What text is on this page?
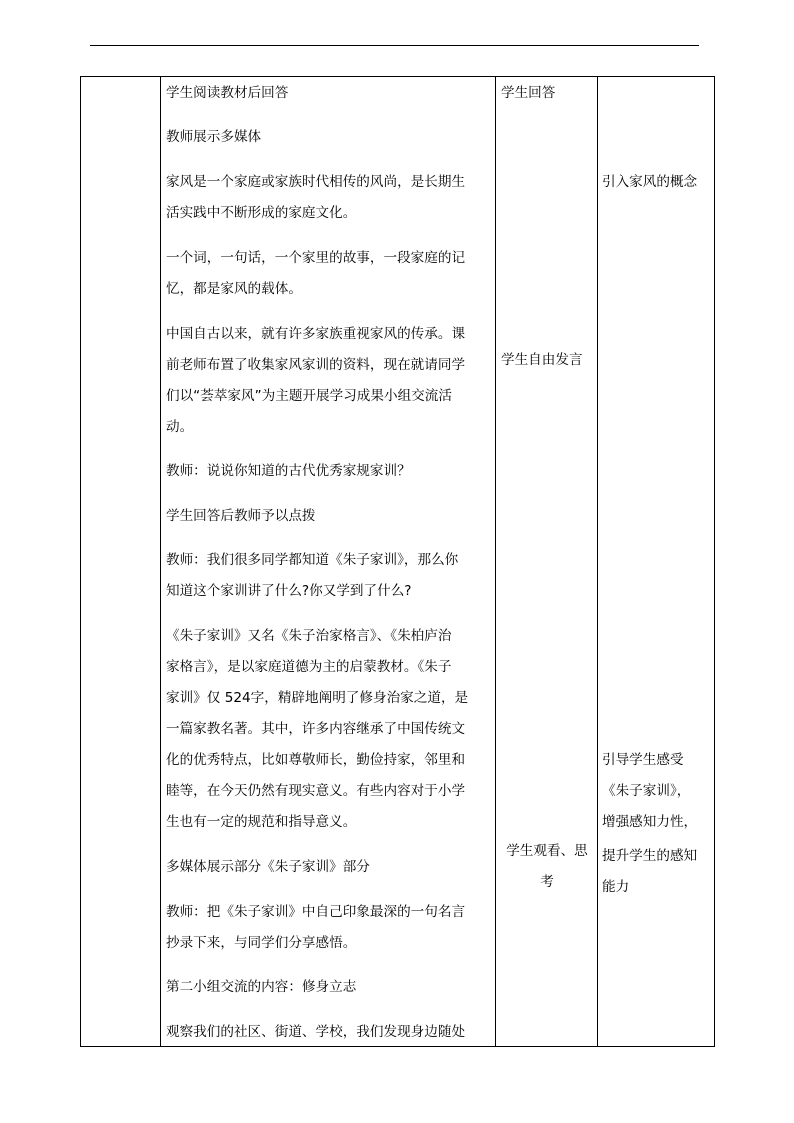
学生阅读教材后回答
教师展示多媒体
家风是一个家庭或家族时代相传的风尚，是长期生
活实践中不断形成的家庭文化。
一个词，一句话，一个家里的故事，一段家庭的记
忆，都是家风的载体。
中国自古以来，就有许多家族重视家风的传承。课
前老师布置了收集家风家训的资料，现在就请同学
们以“荟萃家风”为主题开展学习成果小组交流活
动。
教师：说说你知道的古代优秀家规家训？
学生回答后教师予以点拨
教师：我们很多同学都知道《朱子家训》，那么你
知道这个家训讲了什么?你又学到了什么?
《朱子家训》又名《朱子治家格言》、《朱柏庐治
家格言》，是以家庭道德为主的启蒙教材。《朱子
家训》仅 524字，精辟地阐明了修身治家之道，是
一篇家教名著。其中，许多内容继承了中国传统文
化的优秀特点，比如尊敬师长，勤俭持家，邻里和
睦等，在今天仍然有现实意义。有些内容对于小学
生也有一定的规范和指导意义。
多媒体展示部分《朱子家训》部分
教师：把《朱子家训》中自己印象最深的一句名言
抄录下来，与同学们分享感悟。
第二小组交流的内容：修身立志
观察我们的社区、街道、学校，我们发现身边随处
学生回答
学生自由发言
学生观看、思
考
引入家风的概念
引导学生感受
《朱子家训》，
增强感知力性，
提升学生的感知
能力
